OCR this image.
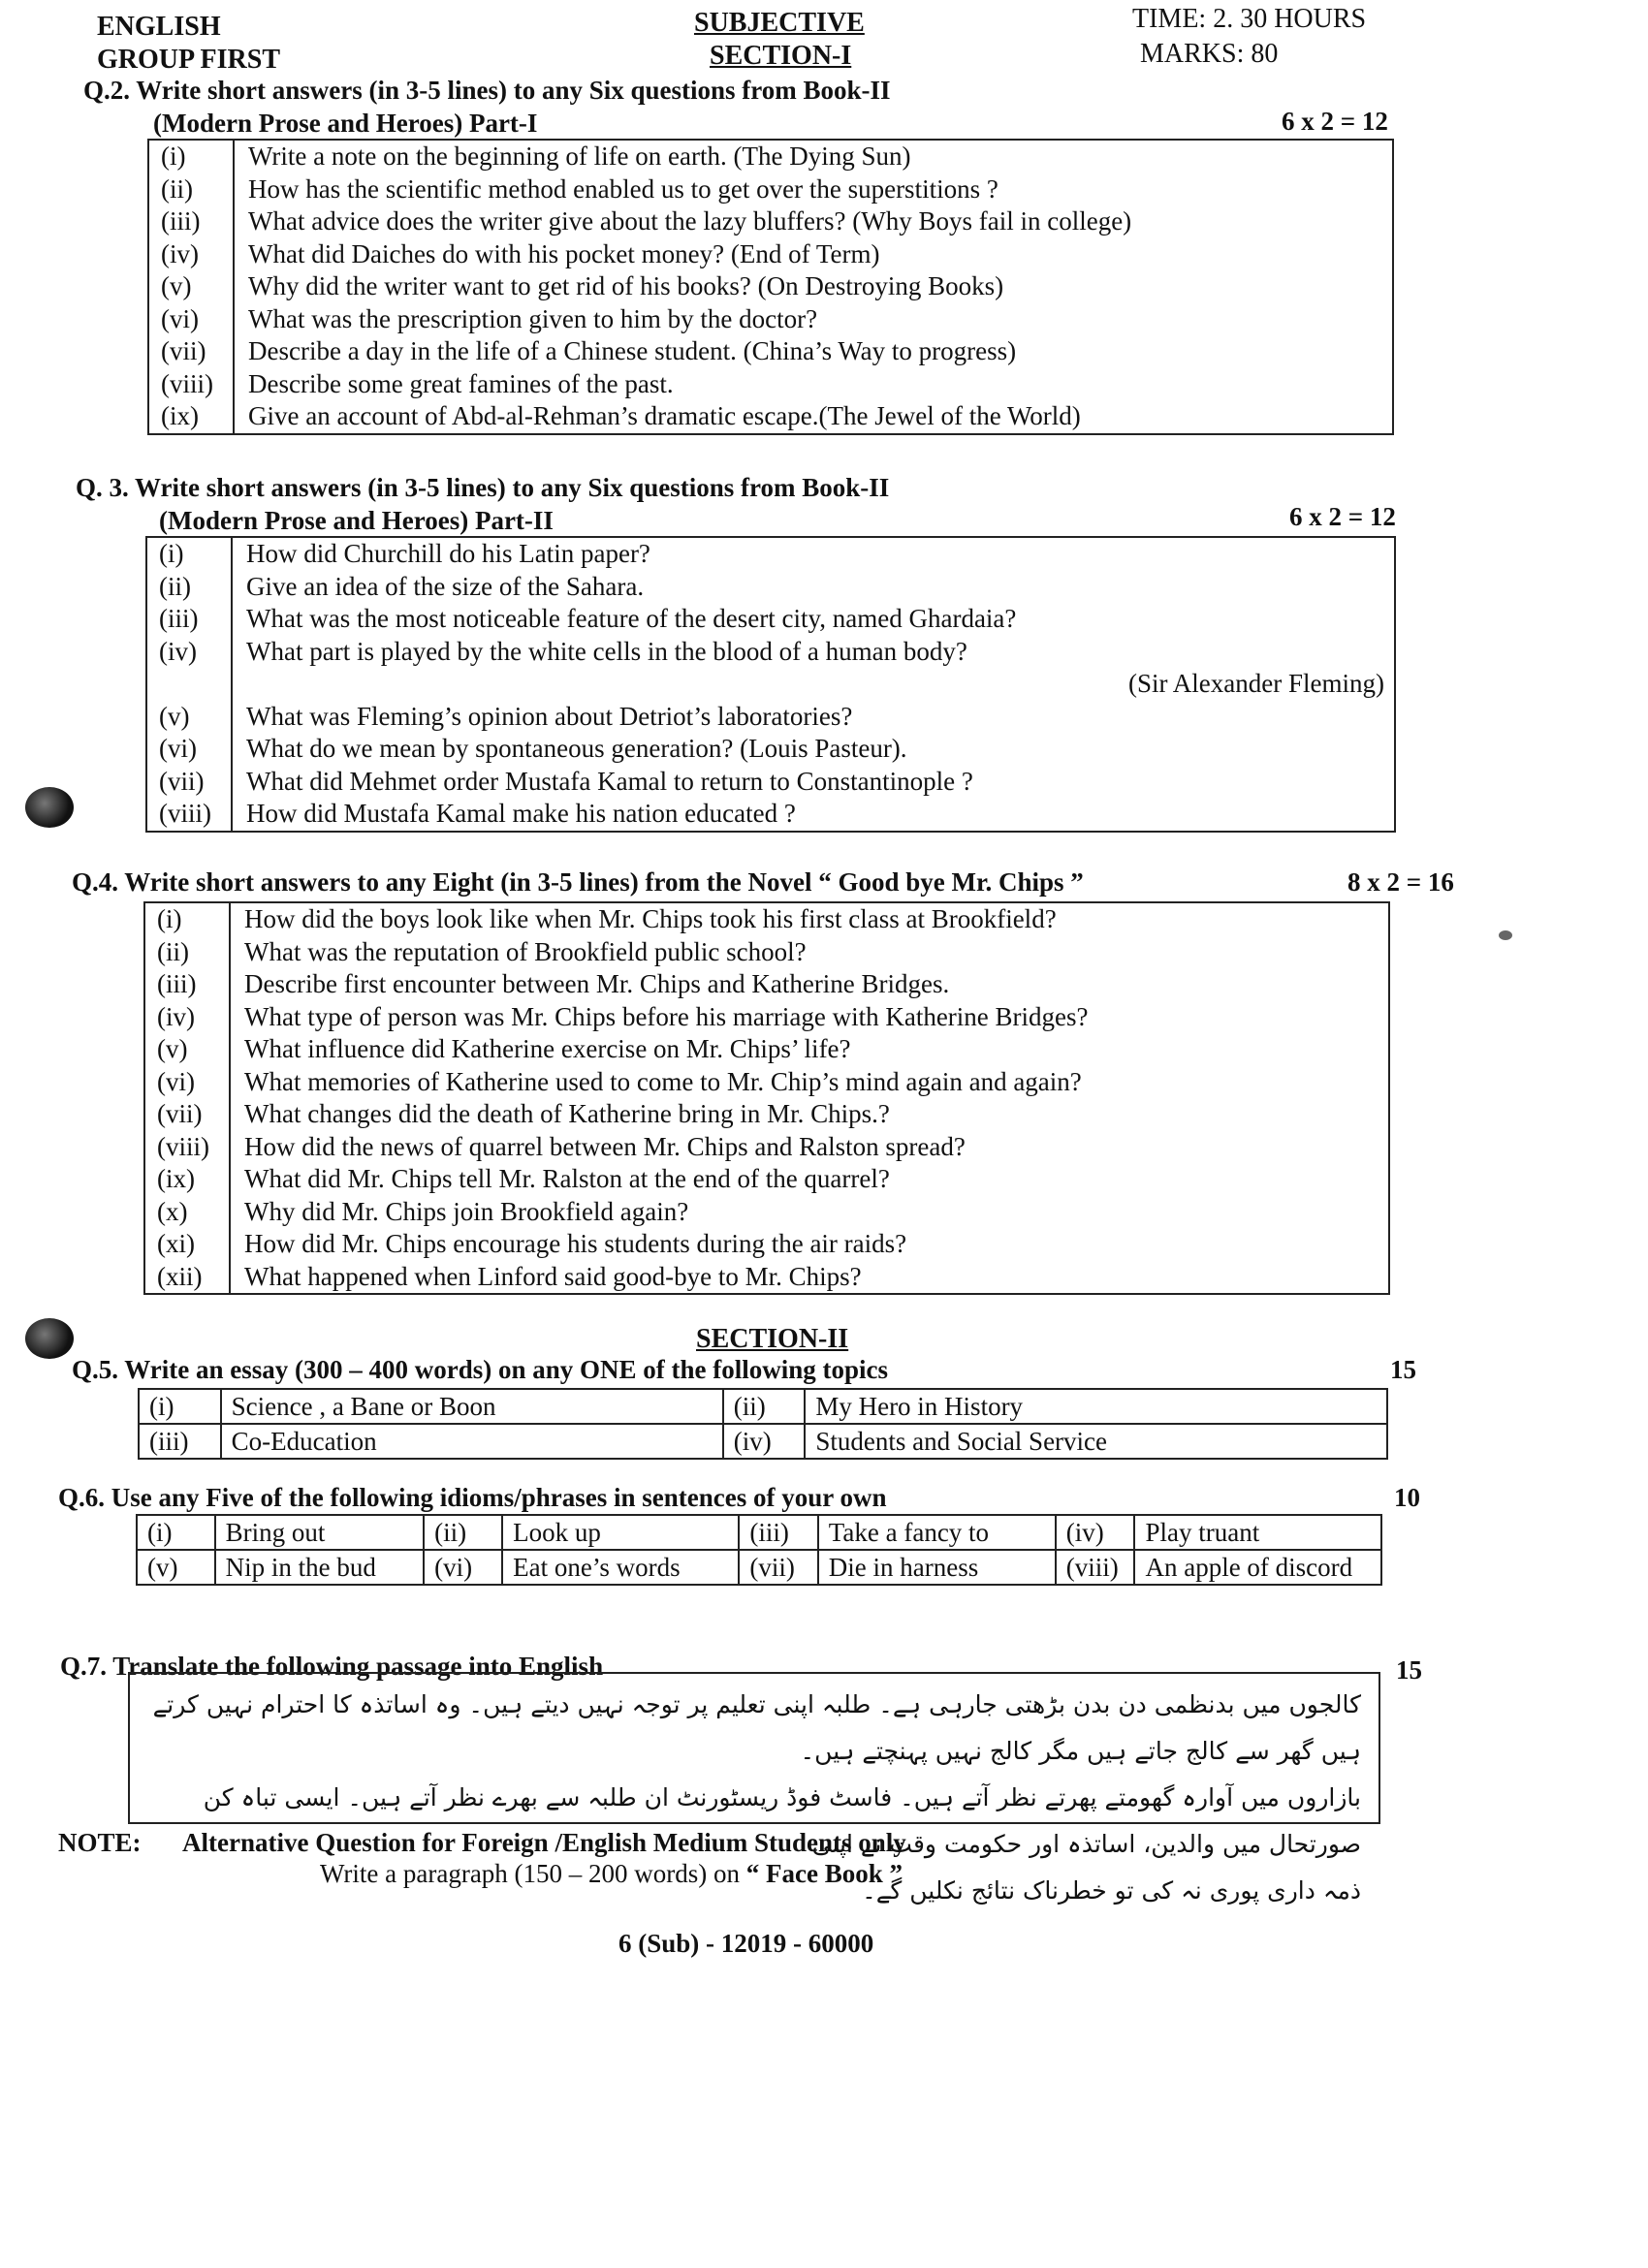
ENGLISH
GROUP FIRST
SUBJECTIVE
SECTION-I
TIME: 2. 30 HOURS
MARKS: 80
Q.2. Write short answers (in 3-5 lines) to any Six questions from Book-II
(Modern Prose and Heroes) Part-I	6 x 2 = 12
(i)	Write a note on the beginning of life on earth. (The Dying Sun)
(ii)	How has the scientific method enabled us to get over the superstitions ?
(iii)	What advice does the writer give about the lazy bluffers? (Why Boys fail in college)
(iv)	What did Daiches do with his pocket money? (End of Term)
(v)	Why did the writer want to get rid of his books? (On Destroying Books)
(vi)	What was the prescription given to him by the doctor?
(vii)	Describe a day in the life of a Chinese student. (China’s Way to progress)
(viii)	Describe some great famines of the past.
(ix)	Give an account of Abd-al-Rehman’s dramatic escape.(The Jewel of the World)
Q. 3. Write short answers (in 3-5 lines) to any Six questions from Book-II
(Modern Prose and Heroes) Part-II	6 x 2 = 12
(i)	How did Churchill do his Latin paper?
(ii)	Give an idea of the size of the Sahara.
(iii)	What was the most noticeable feature of the desert city, named Ghardaia?
(iv)	What part is played by the white cells in the blood of a human body?
(Sir Alexander Fleming)

(v)	What was Fleming’s opinion about Detriot’s laboratories?
(vi)	What do we mean by spontaneous generation? (Louis Pasteur).
(vii)	What did Mehmet order Mustafa Kamal to return to Constantinople ?
(viii)	How did Mustafa Kamal make his nation educated ?
Q.4. Write short answers to any Eight (in 3-5 lines) from the Novel “ Good bye Mr. Chips ”	8 x 2 = 16
(i)	How did the boys look like when Mr. Chips took his first class at Brookfield?
(ii)	What was the reputation of Brookfield public school?
(iii)	Describe first encounter between Mr. Chips and Katherine Bridges.
(iv)	What type of person was Mr. Chips before his marriage with Katherine Bridges?
(v)	What influence did Katherine exercise on Mr. Chips’ life?
(vi)	What memories of Katherine used to come to Mr. Chip’s mind again and again?
(vii)	What changes did the death of Katherine bring in Mr. Chips.?
(viii)	How did the news of quarrel between Mr. Chips and Ralston spread?
(ix)	What did Mr. Chips tell Mr. Ralston at the end of the quarrel?
(x)	Why did Mr. Chips join Brookfield again?
(xi)	How did Mr. Chips encourage his students during the air raids?
(xii)	What happened when Linford said good-bye to Mr. Chips?
SECTION-II
Q.5. Write an essay (300 – 400 words) on any ONE of the following topics	15
(i)	Science , a Bane or Boon	(ii)	My Hero in History
(iii)	Co-Education	(iv)	Students and Social Service
Q.6. Use any Five of the following idioms/phrases in sentences of your own	10
(i)	Bring out	(ii)	Look up	(iii)	Take a fancy to	(iv)	Play truant
(v)	Nip in the bud	(vi)	Eat one’s words	(vii)	Die in harness	(viii)	An apple of discord
Q.7. Translate the following passage into English	15
کالجوں میں بدنظمی دن بدن بڑھتی جارہی ہے۔ طلبہ اپنی تعلیم پر توجہ نہیں دیتے ہیں۔ وہ اساتذہ کا احترام نہیں کرتے ہیں گھر سے کالج جاتے ہیں مگر کالج نہیں پہنچتے ہیں۔
بازاروں میں آوارہ گھومتے پھرتے نظر آتے ہیں۔ فاسٹ فوڈ ریسٹورنٹ ان طلبہ سے بھرے نظر آتے ہیں۔ ایسی تباہ کن صورتحال میں والدین، اساتذہ اور حکومت وقت نے اپنی
ذمہ داری پوری نہ کی تو خطرناک نتائج نکلیں گے۔
NOTE: Alternative Question for Foreign /English Medium Students only
Write a paragraph (150 – 200 words) on “ Face Book ”
6 (Sub) - 12019 - 60000
